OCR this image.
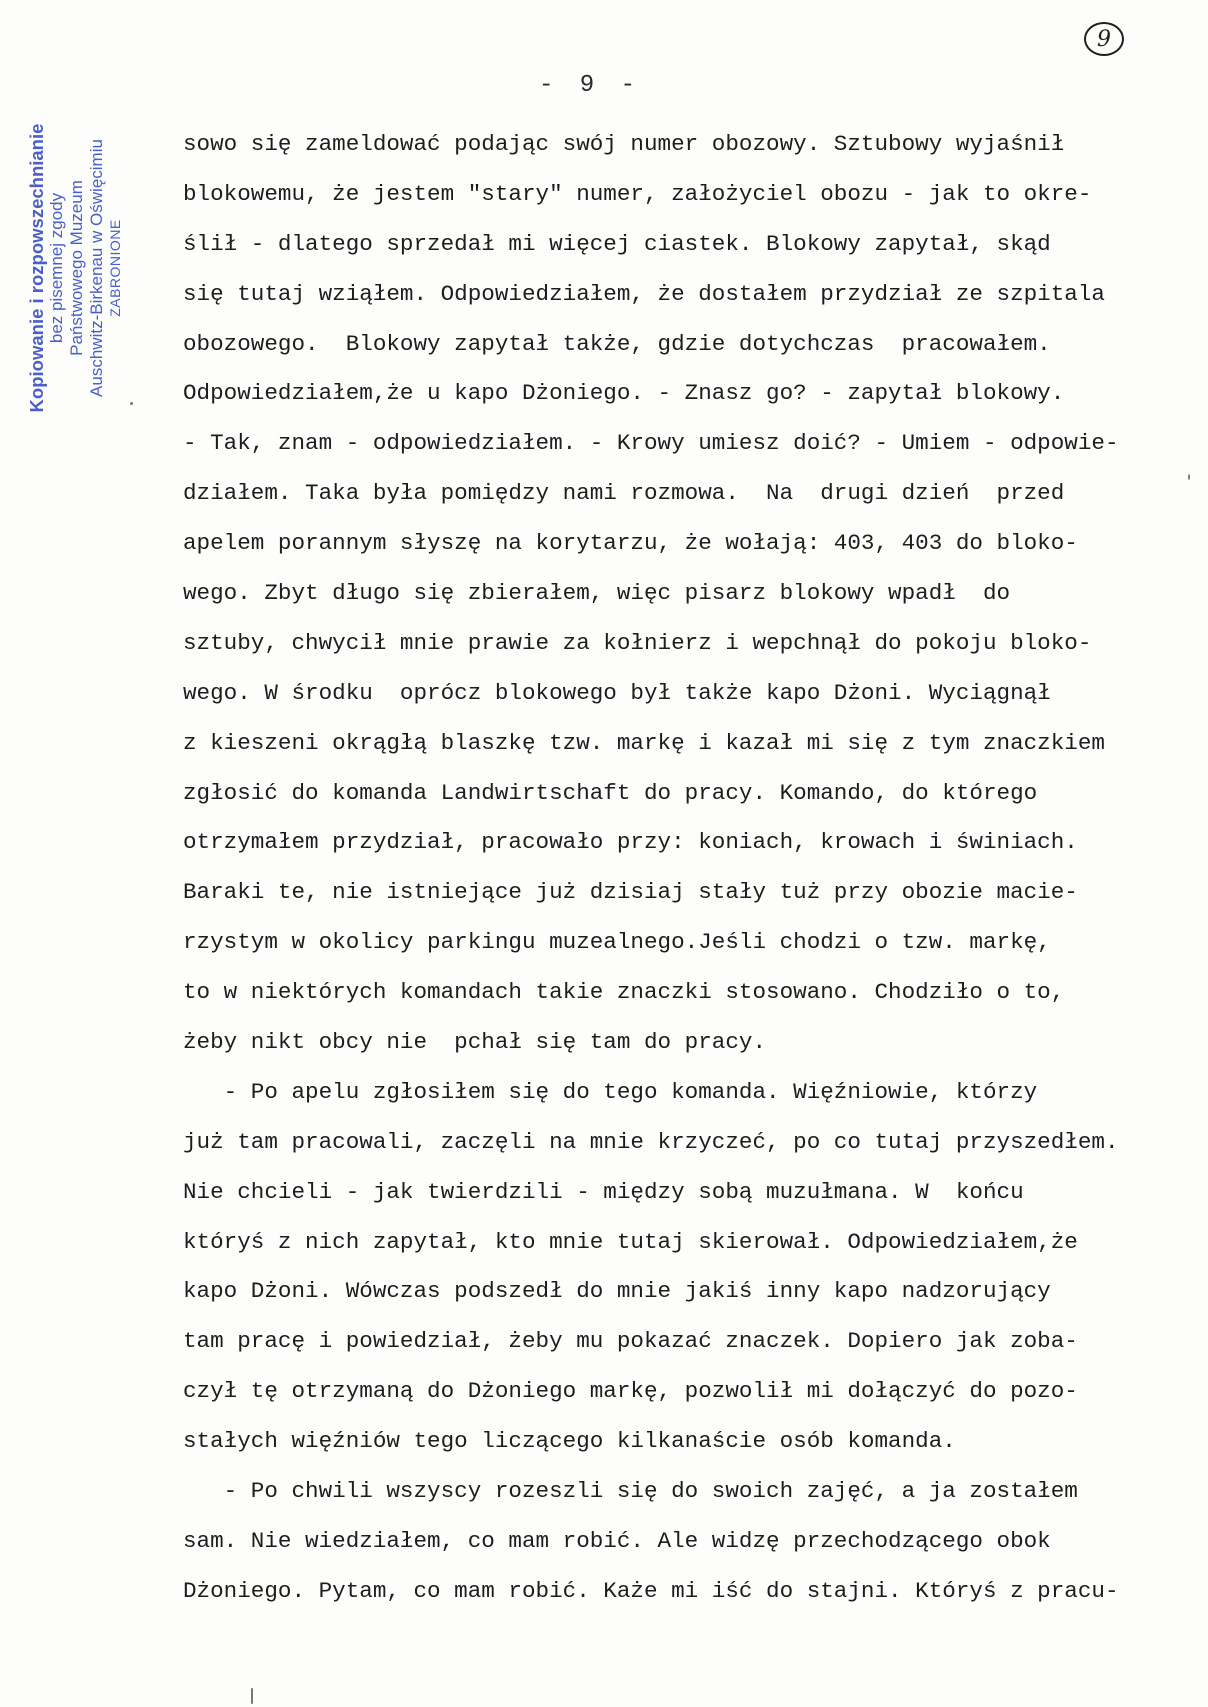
9
- 9 -
Kopiowanie i rozpowszechnianie bez pisemnej zgody Państwowego Muzeum Auschwitz-Birkenau w Oświęcimiu ZABRONIONE
sowo się zameldować podając swój numer obozowy. Sztubowy wyjaśnił
blokowemu, że jestem "stary" numer, założyciel obozu - jak to okre-
ślił - dlatego sprzedał mi więcej ciastek. Blokowy zapytał, skąd
się tutaj wziąłem. Odpowiedziałem, że dostałem przydział ze szpitala
obozowego.  Blokowy zapytał także, gdzie dotychczas  pracowałem.
Odpowiedziałem,że u kapo Dżoniego. - Znasz go? - zapytał blokowy.
- Tak, znam - odpowiedziałem. - Krowy umiesz doić? - Umiem - odpowie-
działem. Taka była pomiędzy nami rozmowa.  Na  drugi dzień  przed
apelem porannym słyszę na korytarzu, że wołają: 403, 403 do bloko-
wego. Zbyt długo się zbierałem, więc pisarz blokowy wpadł  do
sztuby, chwycił mnie prawie za kołnierz i wepchnął do pokoju bloko-
wego. W środku  oprócz blokowego był także kapo Dżoni. Wyciągnął
z kieszeni okrągłą blaszkę tzw. markę i kazał mi się z tym znaczkiem
zgłosić do komanda Landwirtschaft do pracy. Komando, do którego
otrzymałem przydział, pracowało przy: koniach, krowach i świniach.
Baraki te, nie istniejące już dzisiaj stały tuż przy obozie macie-
rzystym w okolicy parkingu muzealnego.Jeśli chodzi o tzw. markę,
to w niektórych komandach takie znaczki stosowano. Chodziło o to,
żeby nikt obcy nie  pchał się tam do pracy.
- Po apelu zgłosiłem się do tego komanda. Więźniowie, którzy
już tam pracowali, zaczęli na mnie krzyczeć, po co tutaj przyszedłem.
Nie chcieli - jak twierdzili - między sobą muzułmana. W  końcu
któryś z nich zapytał, kto mnie tutaj skierował. Odpowiedziałem,że
kapo Dżoni. Wówczas podszedł do mnie jakiś inny kapo nadzorujący
tam pracę i powiedział, żeby mu pokazać znaczek. Dopiero jak zoba-
czył tę otrzymaną do Dżoniego markę, pozwolił mi dołączyć do pozo-
stałych więźniów tego liczącego kilkanaście osób komanda.
- Po chwili wszyscy rozeszli się do swoich zajęć, a ja zostałem
sam. Nie wiedziałem, co mam robić. Ale widzę przechodzącego obok
Dżoniego. Pytam, co mam robić. Każe mi iść do stajni. Któryś z pracu-
